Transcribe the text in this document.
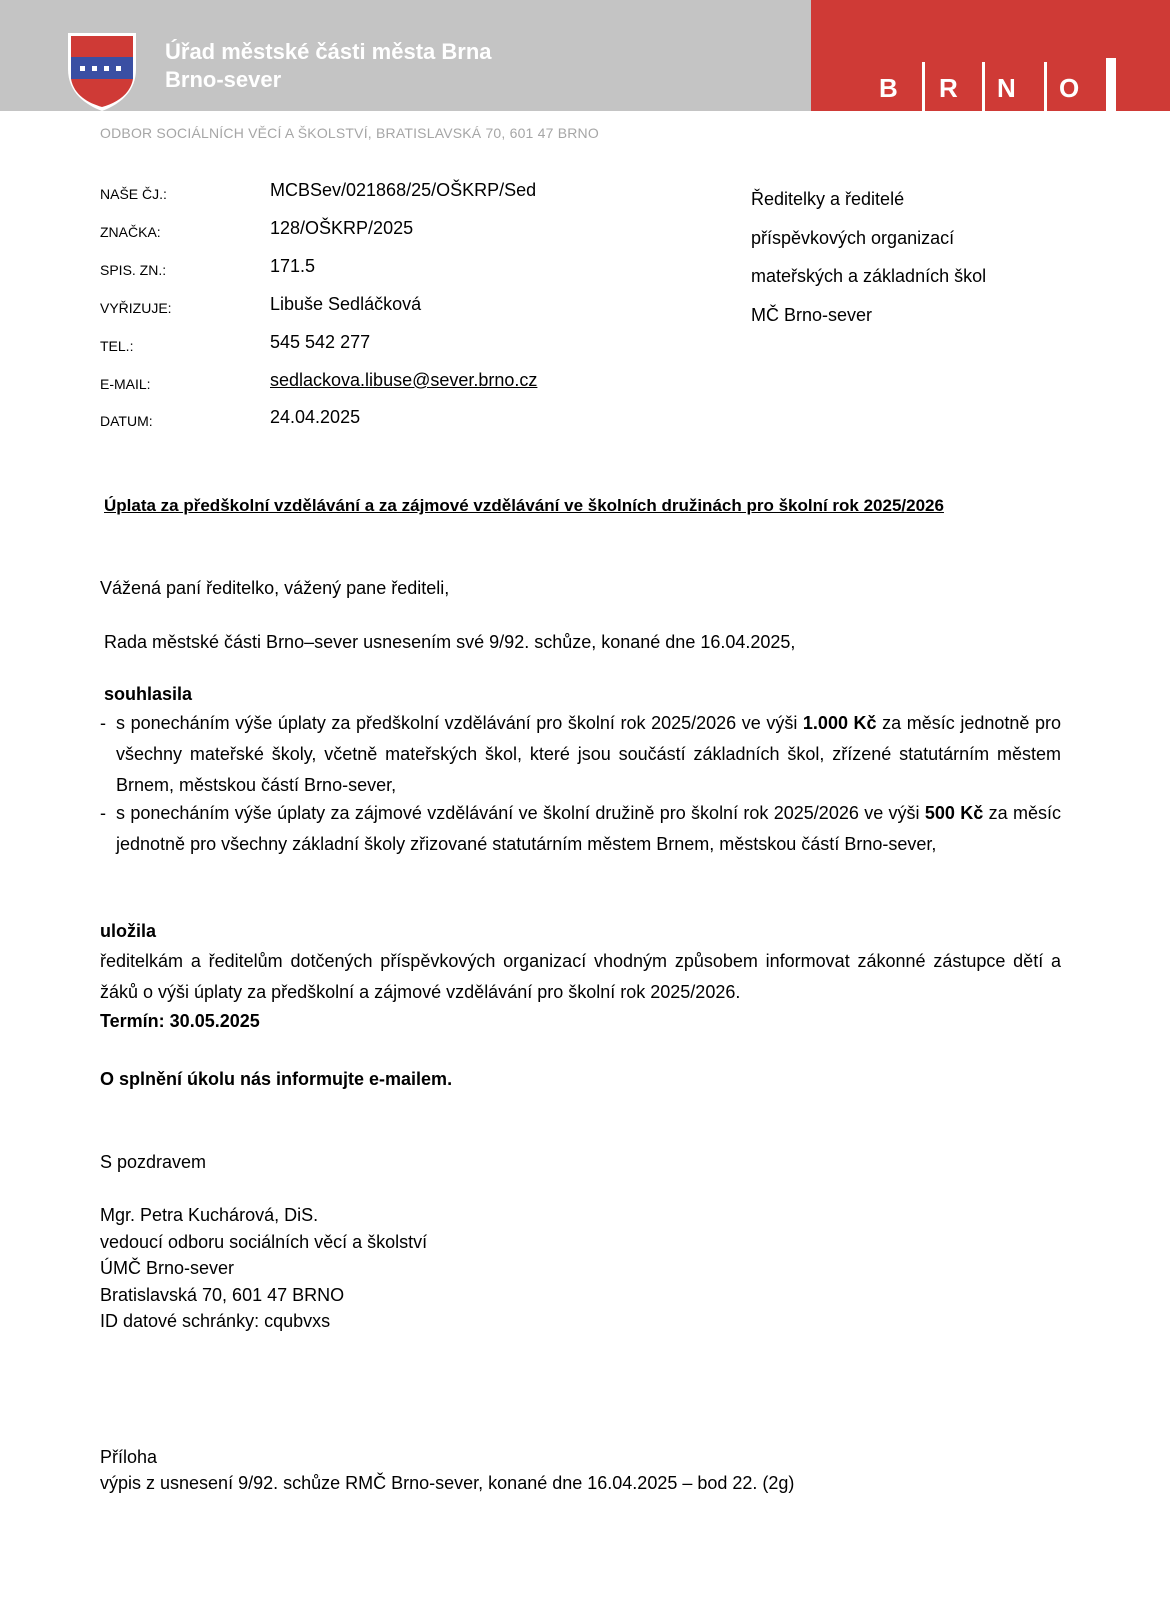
Úřad městské části města Brna
Brno-sever	B R N O
ODBOR SOCIÁLNÍCH VĚCÍ A ŠKOLSTVÍ, BRATISLAVSKÁ 70, 601 47 BRNO
NAŠE ČJ.:	MCBSev/021868/25/OŠKRP/Sed
ZNAČKA:	128/OŠKRP/2025
SPIS. ZN.:	171.5
VYŘIZUJE:	Libuše Sedláčková
TEL.:	545 542 277
E-MAIL:	sedlackova.libuse@sever.brno.cz
DATUM:	24.04.2025
Ředitelky a ředitelé
příspěvkových organizací
mateřských a základních škol
MČ Brno-sever
Úplata za předškolní vzdělávání a za zájmové vzdělávání ve školních družinách pro školní rok 2025/2026
Vážená paní ředitelko, vážený pane řediteli,
Rada městské části Brno–sever usnesením své 9/92. schůze, konané dne 16.04.2025,
souhlasila
- s ponecháním výše úplaty za předškolní vzdělávání pro školní rok 2025/2026 ve výši 1.000 Kč za měsíc jednotně pro všechny mateřské školy, včetně mateřských škol, které jsou součástí základních škol, zřízené statutárním městem Brnem, městskou částí Brno-sever,
- s ponecháním výše úplaty za zájmové vzdělávání ve školní družině pro školní rok 2025/2026 ve výši 500 Kč za měsíc jednotně pro všechny základní školy zřizované statutárním městem Brnem, městskou částí Brno-sever,
uložila
ředitelkám a ředitelům dotčených příspěvkových organizací vhodným způsobem informovat zákonné zástupce dětí a žáků o výši úplaty za předškolní a zájmové vzdělávání pro školní rok 2025/2026.
Termín: 30.05.2025
O splnění úkolu nás informujte e-mailem.
S pozdravem
Mgr. Petra Kuchárová, DiS.
vedoucí odboru sociálních věcí a školství
ÚMČ Brno-sever
Bratislavská 70, 601 47 BRNO
ID datové schránky: cqubvxs
Příloha
výpis z usnesení 9/92. schůze RMČ Brno-sever, konané dne 16.04.2025 – bod 22. (2g)
